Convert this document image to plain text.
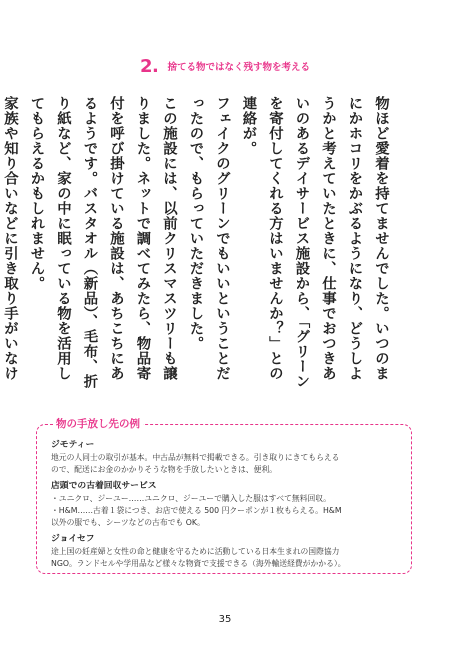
2. 捨てる物ではなく残す物を考える

物ほど愛着を持てませんでした。いつのまにかホコリをかぶるようになり、どうしようかと考えていたときに、仕事でおつきあいのあるデイサービス施設から、「グリーンを寄付してくれる方はいませんか？」との連絡が。

フェイクのグリーンでもいいということだったので、もらっていただきました。

この施設には、以前クリスマスツリーも譲りました。ネットで調べてみたら、物品寄付を呼び掛けている施設は、あちこちにあるようです。バスタオル（新品）、毛布、折り紙など、家の中に眠っている物を活用してもらえるかもしれません。

家族や知り合いなどに引き取り手がいなけ

物の手放し先の例
ジモティー
地元の人同士の取引が基本。中古品が無料で掲載できる。引き取りにきてもらえる
ので、配送にお金のかかりそうな物を手放したいときは、便利。
店頭での古着回収サービス
・ユニクロ、ジーユー……ユニクロ、ジーユーで購入した服はすべて無料回収。
・H&M……古着１袋につき、お店で使える 500 円クーポンが１枚もらえる。H&M
以外の服でも、シーツなどの古布でも OK。
ジョイセフ
途上国の妊産婦と女性の命と健康を守るために活動している日本生まれの国際協力
NGO。ランドセルや学用品など様々な物資で支援できる（海外輸送経費がかかる）。
35
